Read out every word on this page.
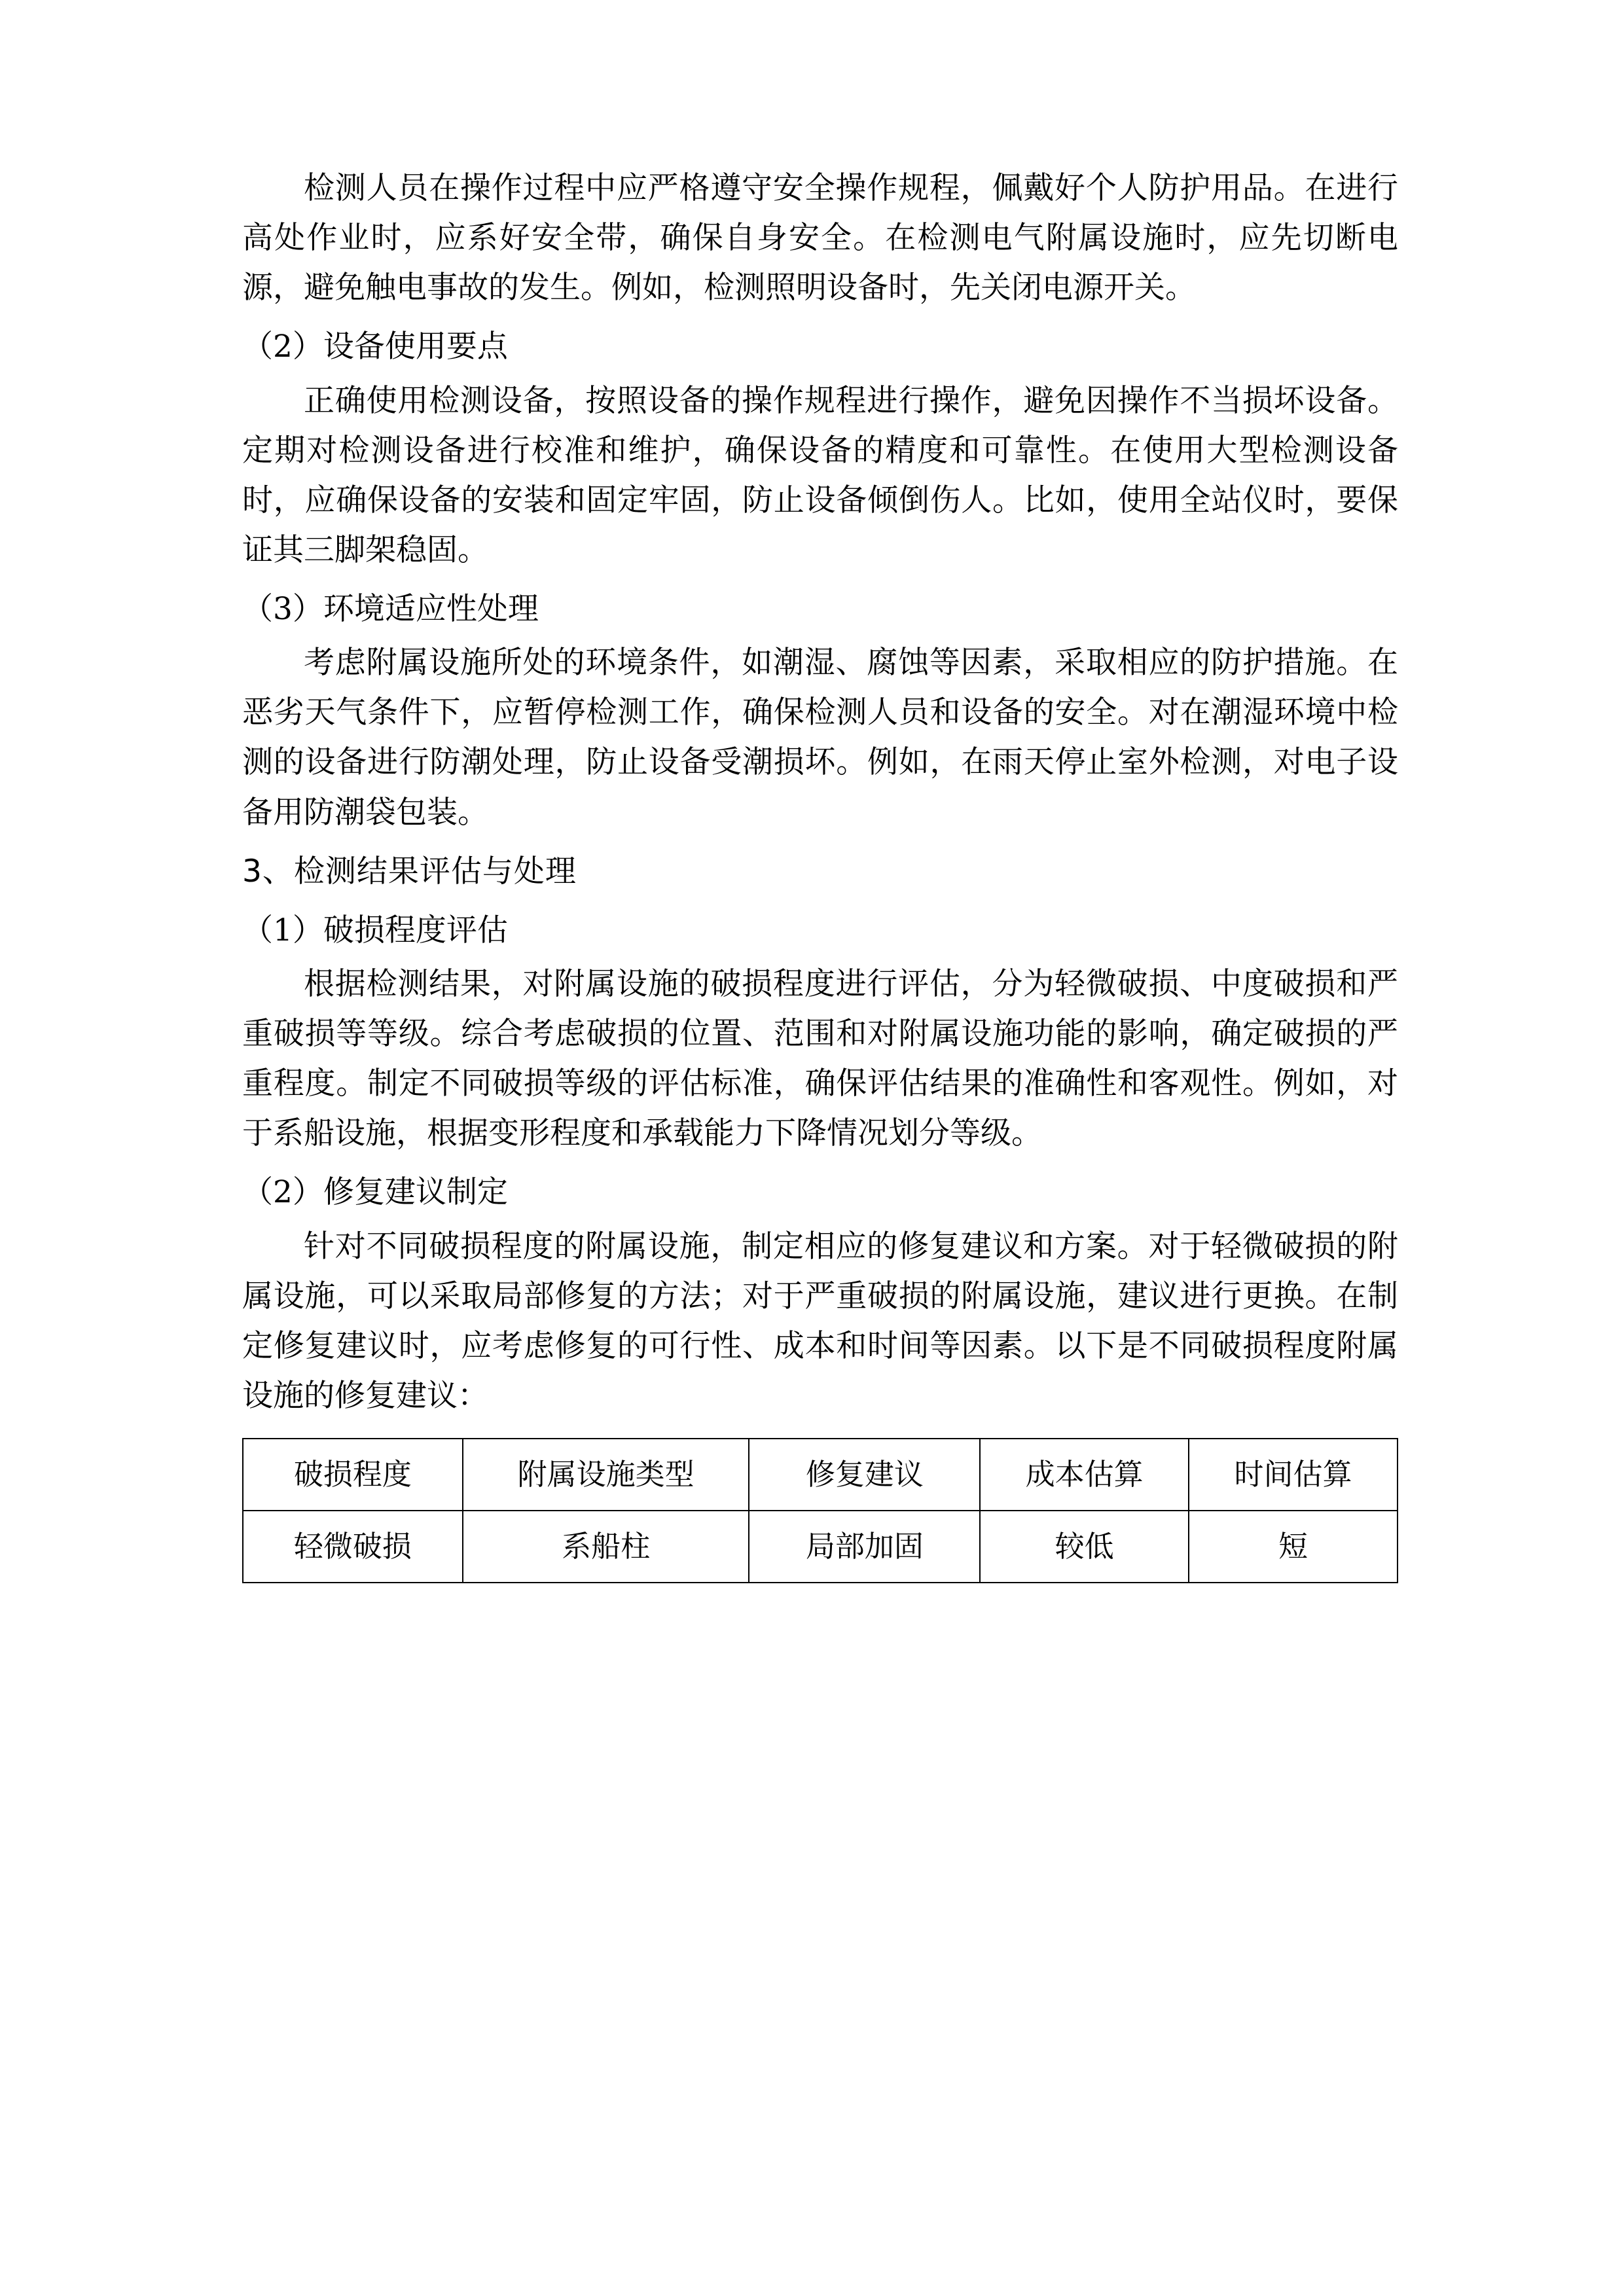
检测人员在操作过程中应严格遵守安全操作规程，佩戴好个人防护用品。在进行高处作业时，应系好安全带，确保自身安全。在检测电气附属设施时，应先切断电源，避免触电事故的发生。例如，检测照明设备时，先关闭电源开关。

（2）设备使用要点

正确使用检测设备，按照设备的操作规程进行操作，避免因操作不当损坏设备。定期对检测设备进行校准和维护，确保设备的精度和可靠性。在使用大型检测设备时，应确保设备的安装和固定牢固，防止设备倾倒伤人。比如，使用全站仪时，要保证其三脚架稳固。

（3）环境适应性处理

考虑附属设施所处的环境条件，如潮湿、腐蚀等因素，采取相应的防护措施。在恶劣天气条件下，应暂停检测工作，确保检测人员和设备的安全。对在潮湿环境中检测的设备进行防潮处理，防止设备受潮损坏。例如，在雨天停止室外检测，对电子设备用防潮袋包装。

3、检测结果评估与处理

（1）破损程度评估

根据检测结果，对附属设施的破损程度进行评估，分为轻微破损、中度破损和严重破损等等级。综合考虑破损的位置、范围和对附属设施功能的影响，确定破损的严重程度。制定不同破损等级的评估标准，确保评估结果的准确性和客观性。例如，对于系船设施，根据变形程度和承载能力下降情况划分等级。

（2）修复建议制定

针对不同破损程度的附属设施，制定相应的修复建议和方案。对于轻微破损的附属设施，可以采取局部修复的方法；对于严重破损的附属设施，建议进行更换。在制定修复建议时，应考虑修复的可行性、成本和时间等因素。以下是不同破损程度附属设施的修复建议：

破损程度	附属设施类型	修复建议	成本估算	时间估算
轻微破损	系船柱	局部加固	较低	短
